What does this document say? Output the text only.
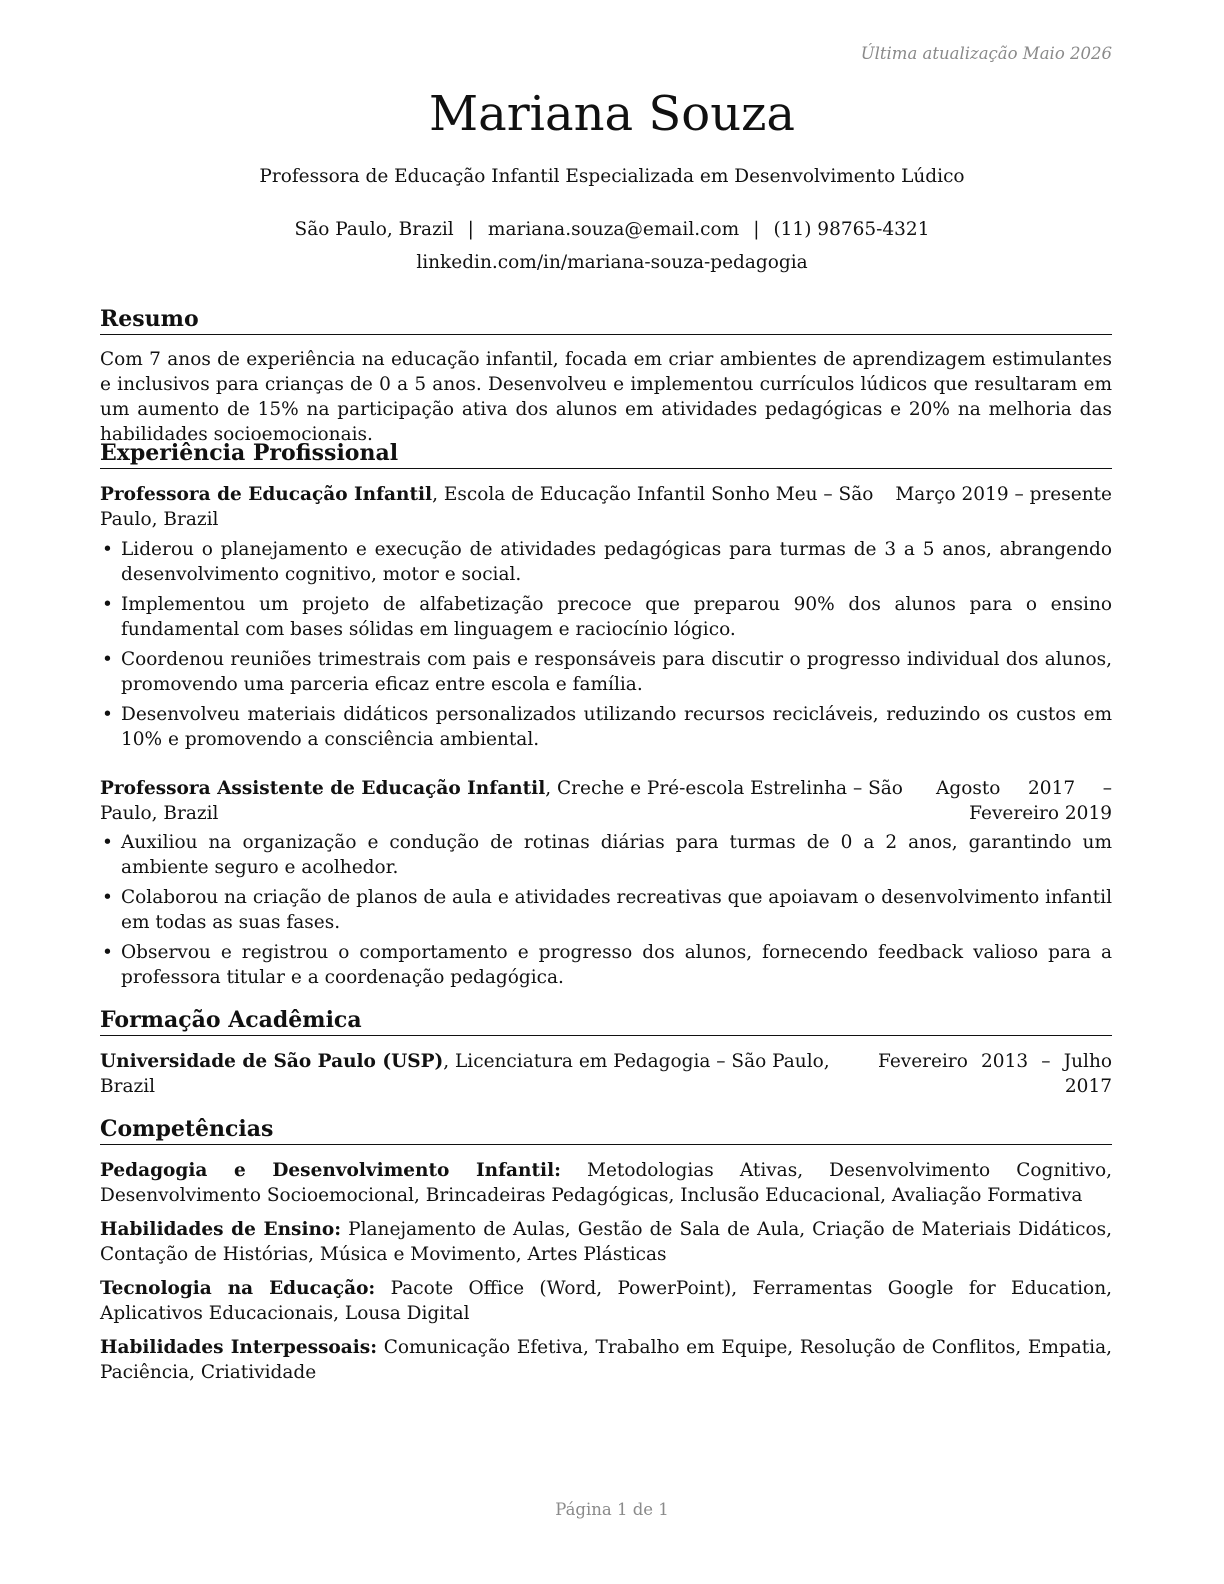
Última atualização Maio 2026
Mariana Souza
Professora de Educação Infantil Especializada em Desenvolvimento Lúdico
São Paulo, Brazil | mariana.souza@email.com | (11) 98765-4321
linkedin.com/in/mariana-souza-pedagogia
Resumo
Com 7 anos de experiência na educação infantil, focada em criar ambientes de aprendizagem estimulantes e inclusivos para crianças de 0 a 5 anos. Desenvolveu e implementou currículos lúdicos que resultaram em um aumento de 15% na participação ativa dos alunos em atividades pedagógicas e 20% na melhoria das habilidades socioemocionais.
Experiência Profissional
Professora de Educação Infantil, Escola de Educação Infantil Sonho Meu – São Paulo, Brazil
Março 2019 – presente
• Liderou o planejamento e execução de atividades pedagógicas para turmas de 3 a 5 anos, abrangendo desenvolvimento cognitivo, motor e social.
• Implementou um projeto de alfabetização precoce que preparou 90% dos alunos para o ensino fundamental com bases sólidas em linguagem e raciocínio lógico.
• Coordenou reuniões trimestrais com pais e responsáveis para discutir o progresso individual dos alunos, promovendo uma parceria eficaz entre escola e família.
• Desenvolveu materiais didáticos personalizados utilizando recursos recicláveis, reduzindo os custos em 10% e promovendo a consciência ambiental.
Professora Assistente de Educação Infantil, Creche e Pré-escola Estrelinha – São Paulo, Brazil
Agosto 2017 – Fevereiro 2019
• Auxiliou na organização e condução de rotinas diárias para turmas de 0 a 2 anos, garantindo um ambiente seguro e acolhedor.
• Colaborou na criação de planos de aula e atividades recreativas que apoiavam o desenvolvimento infantil em todas as suas fases.
• Observou e registrou o comportamento e progresso dos alunos, fornecendo feedback valioso para a professora titular e a coordenação pedagógica.
Formação Acadêmica
Universidade de São Paulo (USP), Licenciatura em Pedagogia – São Paulo, Brazil
Fevereiro 2013 – Julho 2017
Competências
Pedagogia e Desenvolvimento Infantil: Metodologias Ativas, Desenvolvimento Cognitivo, Desenvolvimento Socioemocional, Brincadeiras Pedagógicas, Inclusão Educacional, Avaliação Formativa
Habilidades de Ensino: Planejamento de Aulas, Gestão de Sala de Aula, Criação de Materiais Didáticos, Contação de Histórias, Música e Movimento, Artes Plásticas
Tecnologia na Educação: Pacote Office (Word, PowerPoint), Ferramentas Google for Education, Aplicativos Educacionais, Lousa Digital
Habilidades Interpessoais: Comunicação Efetiva, Trabalho em Equipe, Resolução de Conflitos, Empatia, Paciência, Criatividade
Página 1 de 1
